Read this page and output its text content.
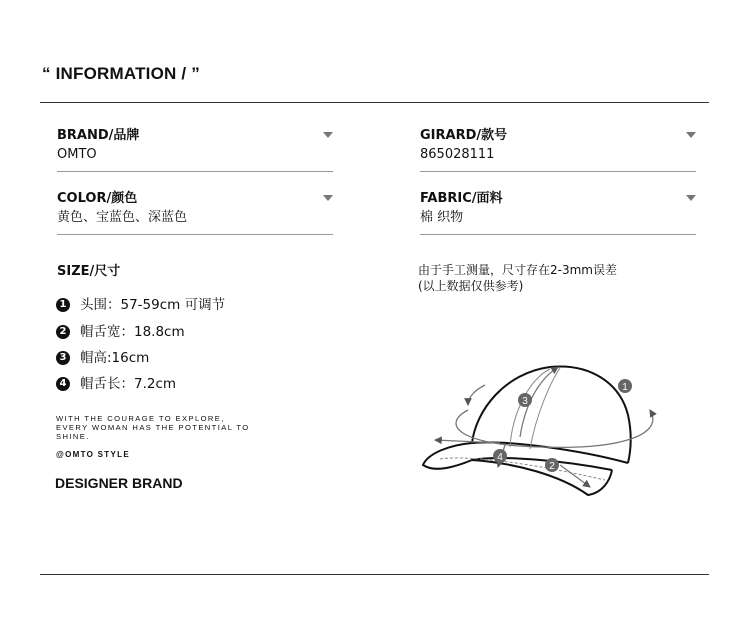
“ INFORMATION / ”
BRAND/品牌
OMTO
GIRARD/款号
865028111
COLOR/颜色
黄色、宝蓝色、深蓝色
FABRIC/面料
棉 织物
SIZE/尺寸
1 头围：57-59cm 可调节
2 帽舌宽：18.8cm
3 帽高:16cm
4 帽舌长：7.2cm
WITH THE COURAGE TO EXPLORE, EVERY WOMAN HAS THE POTENTIAL TO SHINE.
@OMTO STYLE
DESIGNER BRAND
由于手工测量，尺寸存在2-3mm误差
(以上数据仅供参考)
1
2
3
4
